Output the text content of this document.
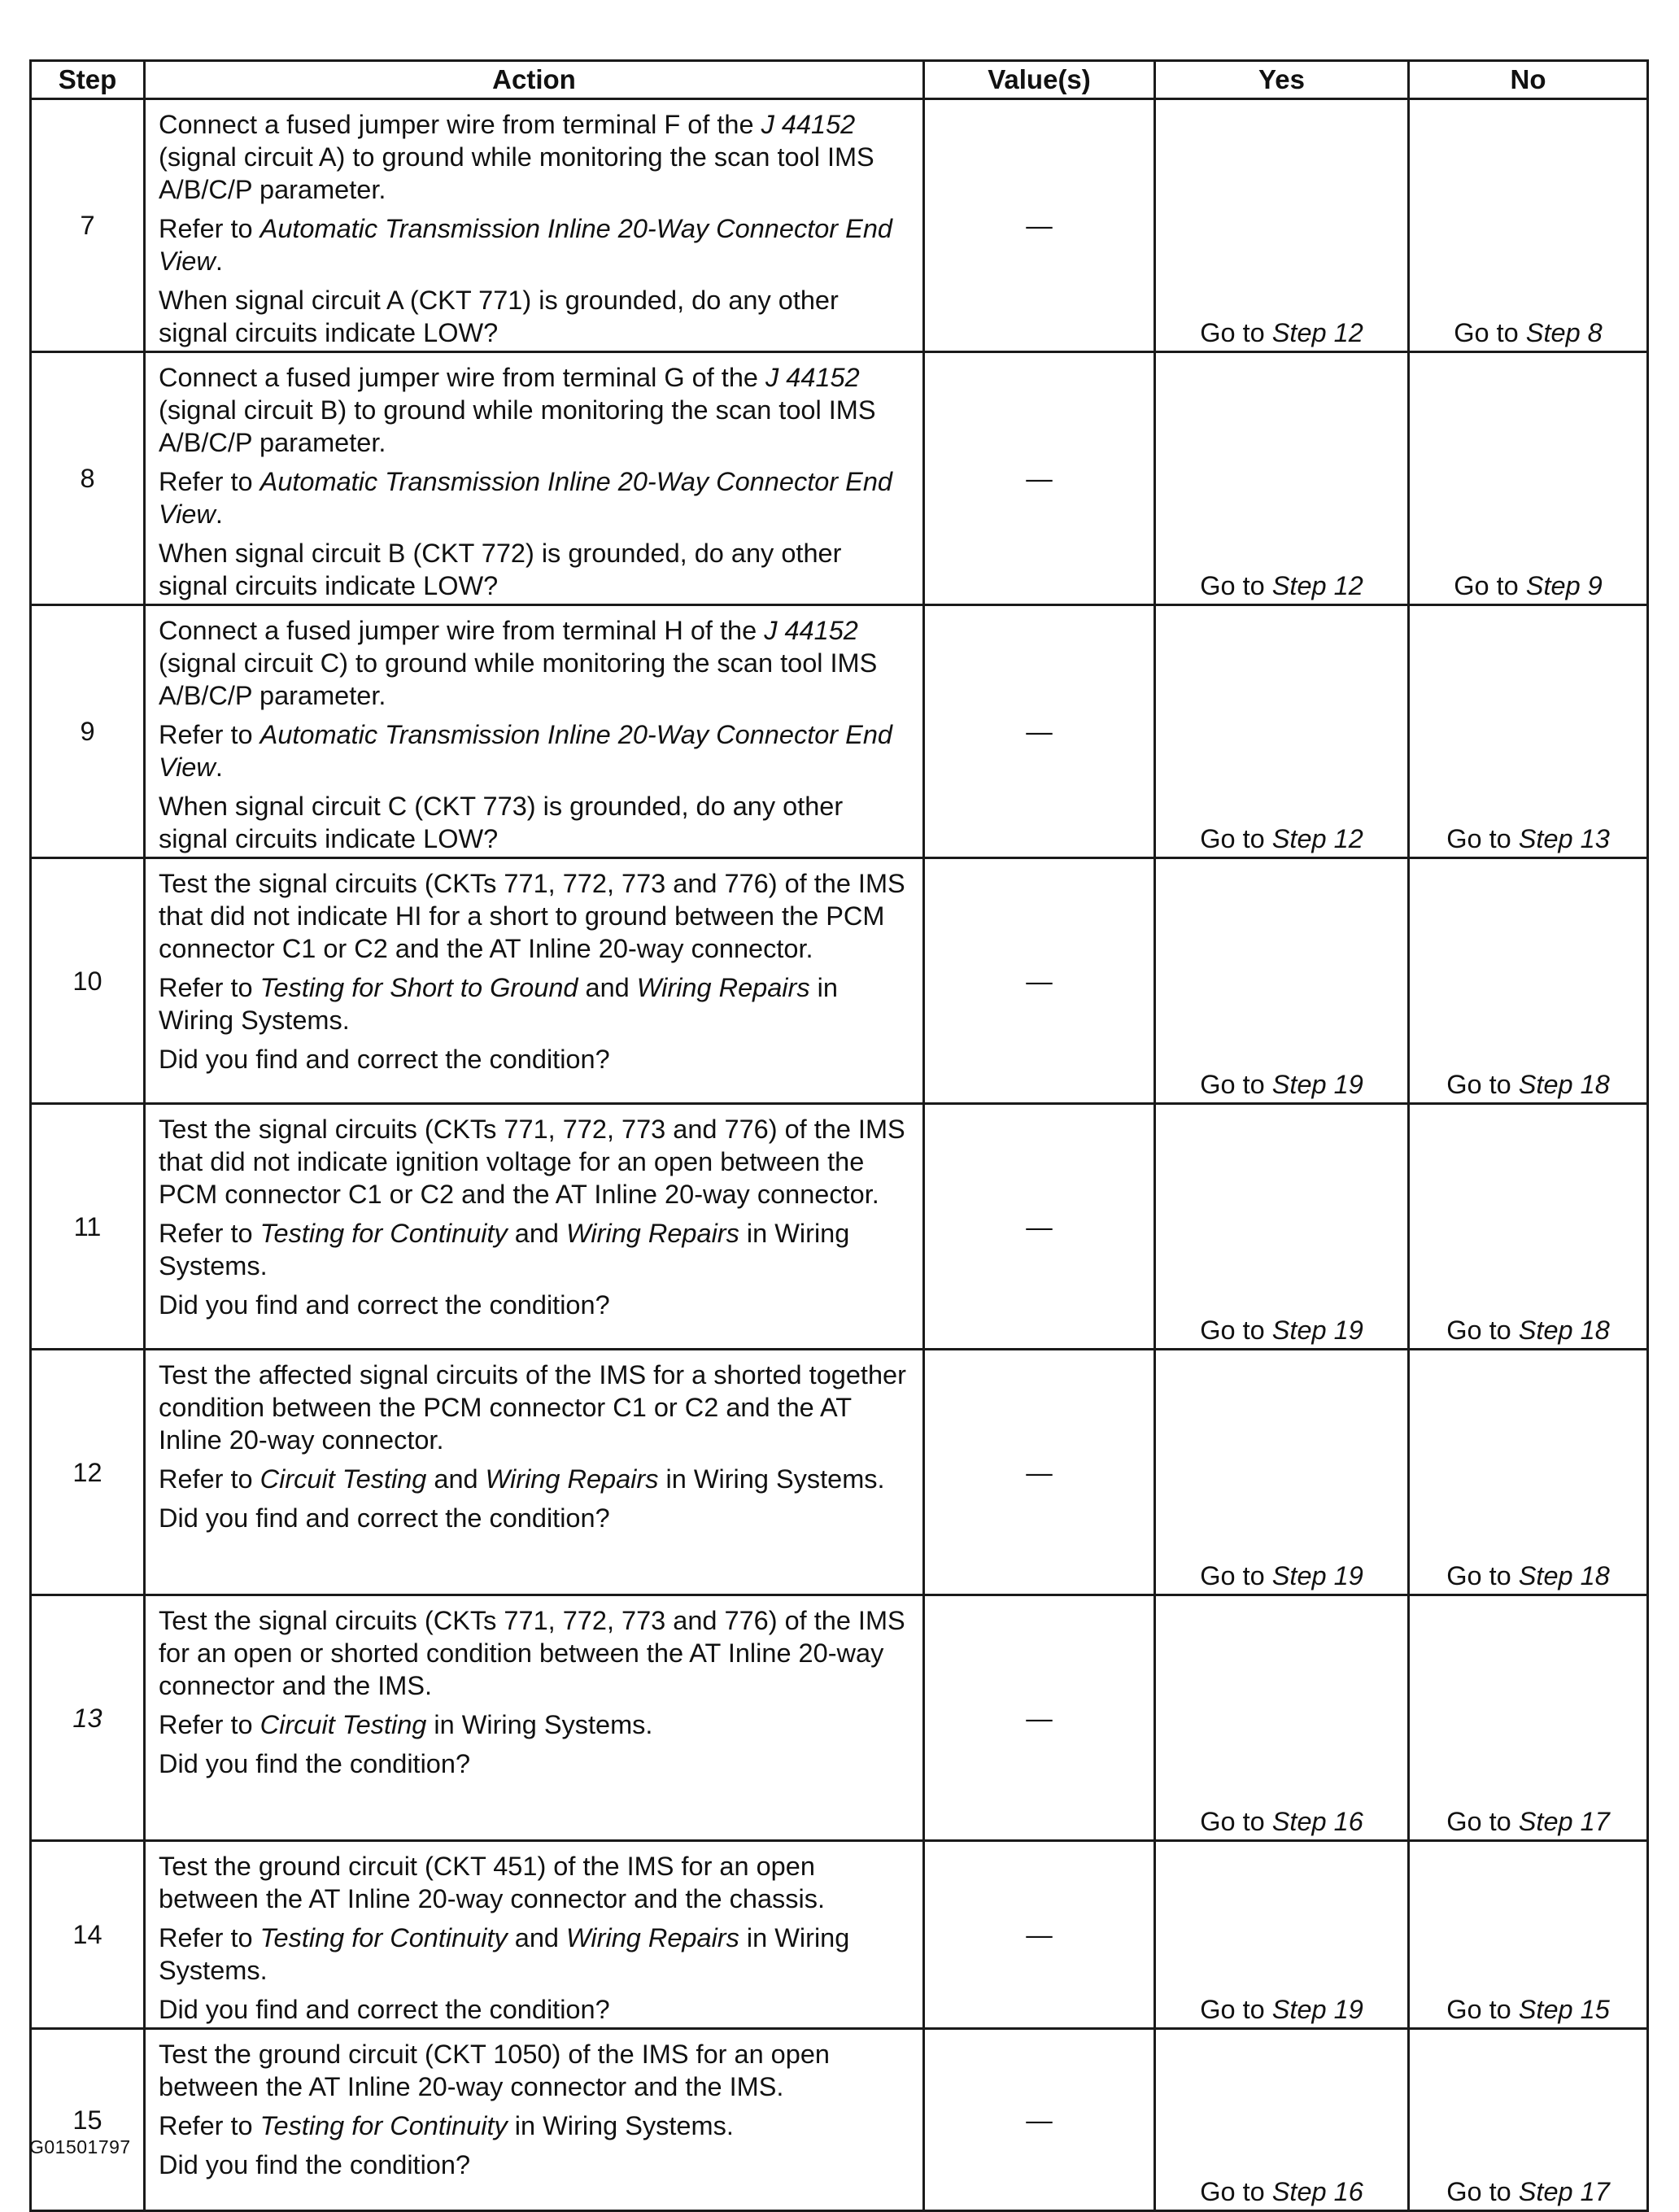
Step	Action	Value(s)	Yes	No
7	Connect a fused jumper wire from terminal F of the J 44152 (signal circuit A) to ground while monitoring the scan tool IMS A/B/C/P parameter.
Refer to Automatic Transmission Inline 20-Way Connector End View.
When signal circuit A (CKT 771) is grounded, do any other signal circuits indicate LOW?	—	Go to Step 12	Go to Step 8
8	Connect a fused jumper wire from terminal G of the J 44152 (signal circuit B) to ground while monitoring the scan tool IMS A/B/C/P parameter.
Refer to Automatic Transmission Inline 20-Way Connector End View.
When signal circuit B (CKT 772) is grounded, do any other signal circuits indicate LOW?	—	Go to Step 12	Go to Step 9
9	Connect a fused jumper wire from terminal H of the J 44152 (signal circuit C) to ground while monitoring the scan tool IMS A/B/C/P parameter.
Refer to Automatic Transmission Inline 20-Way Connector End View.
When signal circuit C (CKT 773) is grounded, do any other signal circuits indicate LOW?	—	Go to Step 12	Go to Step 13
10	Test the signal circuits (CKTs 771, 772, 773 and 776) of the IMS that did not indicate HI for a short to ground between the PCM connector C1 or C2 and the AT Inline 20-way connector.
Refer to Testing for Short to Ground and Wiring Repairs in Wiring Systems.
Did you find and correct the condition?	—	Go to Step 19	Go to Step 18
11	Test the signal circuits (CKTs 771, 772, 773 and 776) of the IMS that did not indicate ignition voltage for an open between the PCM connector C1 or C2 and the AT Inline 20-way connector.
Refer to Testing for Continuity and Wiring Repairs in Wiring Systems.
Did you find and correct the condition?	—	Go to Step 19	Go to Step 18
12	Test the affected signal circuits of the IMS for a shorted together condition between the PCM connector C1 or C2 and the AT Inline 20-way connector.
Refer to Circuit Testing and Wiring Repairs in Wiring Systems.
Did you find and correct the condition?	—	Go to Step 19	Go to Step 18
13	Test the signal circuits (CKTs 771, 772, 773 and 776) of the IMS for an open or shorted condition between the AT Inline 20-way connector and the IMS.
Refer to Circuit Testing in Wiring Systems.
Did you find the condition?	—	Go to Step 16	Go to Step 17
14	Test the ground circuit (CKT 451) of the IMS for an open between the AT Inline 20-way connector and the chassis.
Refer to Testing for Continuity and Wiring Repairs in Wiring Systems.
Did you find and correct the condition?	—	Go to Step 19	Go to Step 15
15	Test the ground circuit (CKT 1050) of the IMS for an open between the AT Inline 20-way connector and the IMS.
Refer to Testing for Continuity in Wiring Systems.
Did you find the condition?	—	Go to Step 16	Go to Step 17
G01501797
